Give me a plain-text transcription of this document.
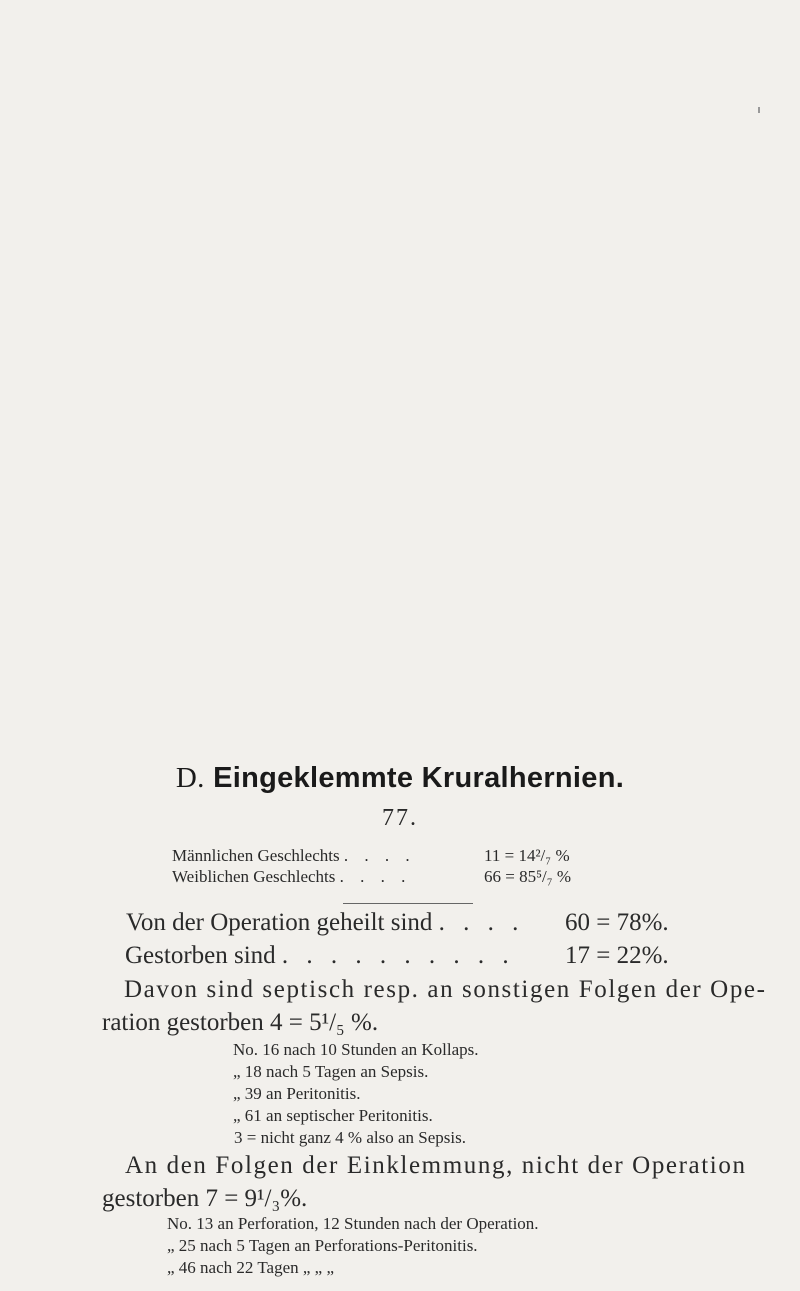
D. Eingeklemmte Kruralhernien.
77.
Männlichen Geschlechts . . . .	11 = 14²/₇ %
Weiblichen Geschlechts . . . .	66 = 85⁵/₇ %
Von der Operation geheilt sind . . . . 60 = 78%.
Gestorben sind . . . . . . . . . . 17 = 22%.
Davon sind septisch resp. an sonstigen Folgen der Ope-
ration gestorben 4 = 5¹/₅ %.
No. 16 nach 10 Stunden an Kollaps.
„ 18 nach 5 Tagen an Sepsis.
„ 39 an Peritonitis.
„ 61 an septischer Peritonitis.
3 = nicht ganz 4 % also an Sepsis.
An den Folgen der Einklemmung, nicht der Operation
gestorben 7 = 9¹/₃%.
No. 13 an Perforation, 12 Stunden nach der Operation.
„ 25 nach 5 Tagen an Perforations-Peritonitis.
„ 46 nach 22 Tagen „ „ „
